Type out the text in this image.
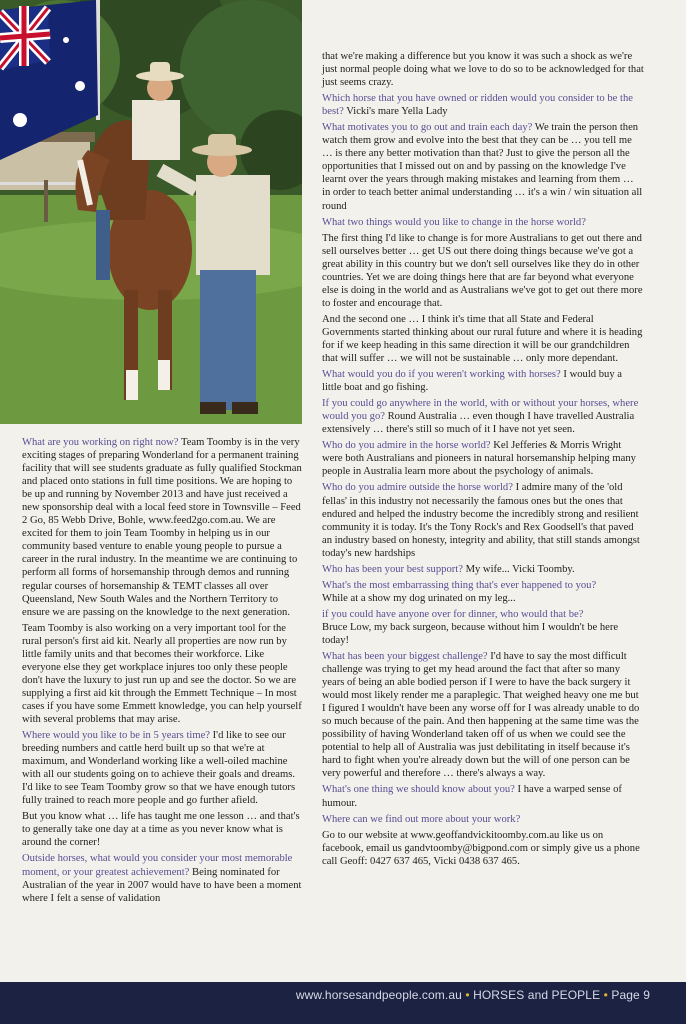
What are you working on right now? Team Toomby is in the very exciting stages of preparing Wonderland for a permanent training facility that will see students graduate as fully qualified Stockman and placed onto stations in full time positions. We are hoping to be up and running by November 2013 and have just received a new sponsorship deal with a local feed store in Townsville – Feed 2 Go, 85 Webb Drive, Bohle, www.feed2go.com.au. We are excited for them to join Team Toomby in helping us in our community based venture to enable young people to pursue a career in the rural industry. In the meantime we are continuing to perform all forms of horsemanship through demos and running regular courses of horsemanship & TEMT classes all over Queensland, New South Wales and the Northern Territory to ensure we are passing on the knowledge to the next generation.

Team Toomby is also working on a very important tool for the rural person's first aid kit. Nearly all properties are now run by little family units and that becomes their workforce. Like everyone else they get workplace injures too only these people don't have the luxury to just run up and see the doctor. So we are supplying a first aid kit through the Emmett Technique – In most cases if you have some Emmett knowledge, you can help yourself with several problems that may arise.

Where would you like to be in 5 years time? I'd like to see our breeding numbers and cattle herd built up so that we're at maximum, and Wonderland working like a well-oiled machine with all our students going on to achieve their goals and dreams. I'd like to see Team Toomby grow so that we have enough tutors fully trained to reach more people and go further afield.

But you know what … life has taught me one lesson … and that's to generally take one day at a time as you never know what is around the corner!

Outside horses, what would you consider your most memorable moment, or your greatest achievement? Being nominated for Australian of the year in 2007 would have to have been a moment where I felt a sense of validation

that we're making a difference but you know it was such a shock as we're just normal people doing what we love to do so to be acknowledged for that just seems crazy.

Which horse that you have owned or ridden would you consider to be the best? Vicki's mare Yella Lady

What motivates you to go out and train each day? We train the person then watch them grow and evolve into the best that they can be … you tell me … is there any better motivation than that? Just to give the person all the opportunities that I missed out on and by passing on the knowledge I've learnt over the years through making mistakes and learning from them … in order to teach better animal understanding … it's a win / win situation all round

What two things would you like to change in the horse world?

The first thing I'd like to change is for more Australians to get out there and sell ourselves better … get US out there doing things because we've got a great ability in this country but we don't sell ourselves like they do in other countries. Yet we are doing things here that are far beyond what everyone else is doing in the world and as Australians we've got to get out there more to foster and encourage that.

And the second one … I think it's time that all State and Federal Governments started thinking about our rural future and where it is heading for if we keep heading in this same direction it will be our grandchildren that will suffer … we will not be sustainable … only more dependant.

What would you do if you weren't working with horses? I would buy a little boat and go fishing.

If you could go anywhere in the world, with or without your horses, where would you go? Round Australia … even though I have travelled Australia extensively … there's still so much of it I have not yet seen.

Who do you admire in the horse world? Kel Jefferies & Morris Wright were both Australians and pioneers in natural horsemanship helping many people in Australia learn more about the psychology of animals.

Who do you admire outside the horse world? I admire many of the 'old fellas' in this industry not necessarily the famous ones but the ones that endured and helped the industry become the incredibly strong and resilient community it is today. It's the Tony Rock's and Rex Goodsell's that paved an industry based on honesty, integrity and ability, that still stands amongst today's new hardships

Who has been your best support? My wife... Vicki Toomby.

What's the most embarrassing thing that's ever happened to you?
While at a show my dog urinated on my leg...

if you could have anyone over for dinner, who would that be?
Bruce Low, my back surgeon, because without him I wouldn't be here today!

What has been your biggest challenge? I'd have to say the most difficult challenge was trying to get my head around the fact that after so many years of being an able bodied person if I were to have the back surgery it would most likely render me a paraplegic. That weighed heavy one me but I figured I wouldn't have been any worse off for I was already unable to do so much because of the pain. And then happening at the same time was the possibility of having Wonderland taken off of us when we could see the potential to help all of Australia was just debilitating in itself because it's hard to fight when you're already down but the will of one person can be very powerful and therefore … there's always a way.

What's one thing we should know about you? I have a warped sense of humour.

Where can we find out more about your work?

Go to our website at www.geoffandvickitoomby.com.au like us on facebook, email us gandvtoomby@bigpond.com or simply give us a phone call Geoff: 0427 637 465, Vicki 0438 637 465.

www.horsesandpeople.com.au • HORSES and PEOPLE • Page 9
